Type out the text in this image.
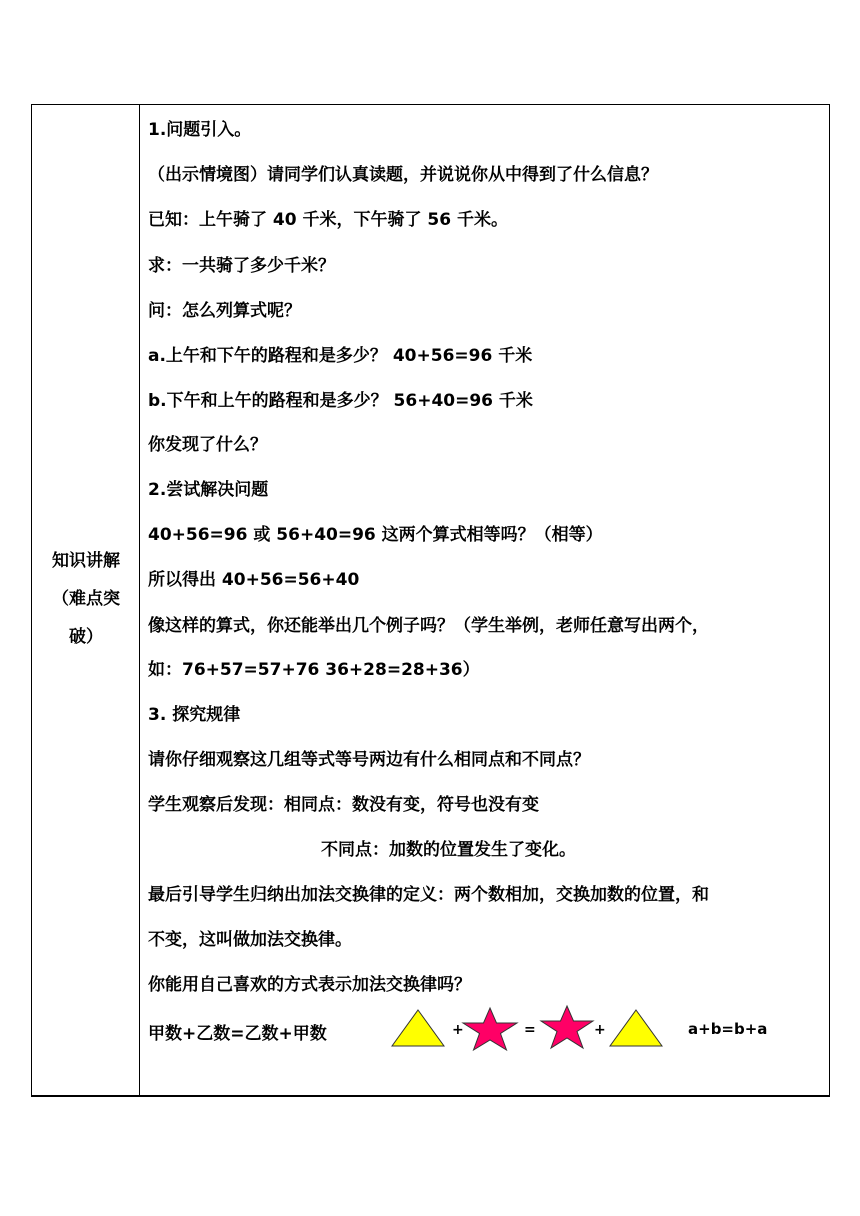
知识讲解
（难点突
破）
1.问题引入。
（出示情境图）请同学们认真读题，并说说你从中得到了什么信息？
已知：上午骑了 40 千米，下午骑了 56 千米。
求：一共骑了多少千米？
问：怎么列算式呢？
a.上午和下午的路程和是多少？ 40+56=96 千米
b.下午和上午的路程和是多少？ 56+40=96 千米
你发现了什么？
2.尝试解决问题
40+56=96 或 56+40=96 这两个算式相等吗？（相等）
所以得出 40+56=56+40
像这样的算式，你还能举出几个例子吗？（学生举例，老师任意写出两个，
如：76+57=57+76 36+28=28+36）
3. 探究规律
请你仔细观察这几组等式等号两边有什么相同点和不同点？
学生观察后发现：相同点：数没有变，符号也没有变
不同点：加数的位置发生了变化。
最后引导学生归纳出加法交换律的定义：两个数相加，交换加数的位置，和
不变，这叫做加法交换律。
你能用自己喜欢的方式表示加法交换律吗？
甲数+乙数=乙数+甲数	+	=	+	a+b=b+a
